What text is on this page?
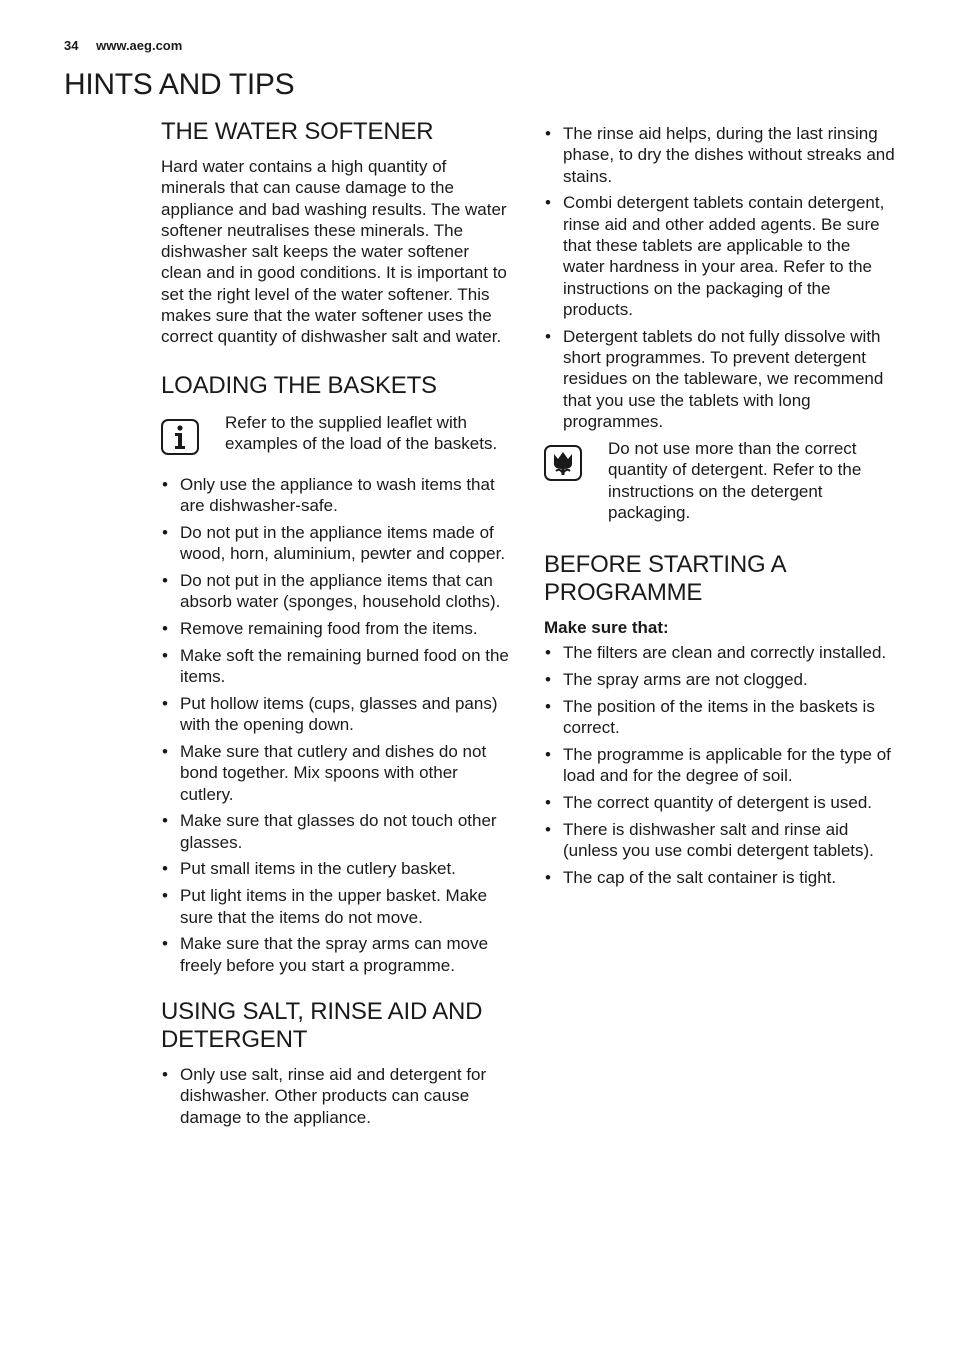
34 www.aeg.com
HINTS AND TIPS
THE WATER SOFTENER

Hard water contains a high quantity of minerals that can cause damage to the appliance and bad washing results. The water softener neutralises these minerals. The dishwasher salt keeps the water softener clean and in good conditions. It is important to set the right level of the water softener. This makes sure that the water softener uses the correct quantity of dishwasher salt and water.

LOADING THE BASKETS

Refer to the supplied leaflet with examples of the load of the baskets.

• Only use the appliance to wash items that are dishwasher-safe.
• Do not put in the appliance items made of wood, horn, aluminium, pewter and copper.
• Do not put in the appliance items that can absorb water (sponges, household cloths).
• Remove remaining food from the items.
• Make soft the remaining burned food on the items.
• Put hollow items (cups, glasses and pans) with the opening down.
• Make sure that cutlery and dishes do not bond together. Mix spoons with other cutlery.
• Make sure that glasses do not touch other glasses.
• Put small items in the cutlery basket.
• Put light items in the upper basket. Make sure that the items do not move.
• Make sure that the spray arms can move freely before you start a programme.
USING SALT, RINSE AID AND DETERGENT
• Only use salt, rinse aid and detergent for dishwasher. Other products can cause damage to the appliance.
• The rinse aid helps, during the last rinsing phase, to dry the dishes without streaks and stains.
• Combi detergent tablets contain detergent, rinse aid and other added agents. Be sure that these tablets are applicable to the water hardness in your area. Refer to the instructions on the packaging of the products.
• Detergent tablets do not fully dissolve with short programmes. To prevent detergent residues on the tableware, we recommend that you use the tablets with long programmes.

Do not use more than the correct quantity of detergent. Refer to the instructions on the detergent packaging.

BEFORE STARTING A PROGRAMME

Make sure that:

• The filters are clean and correctly installed.
• The spray arms are not clogged.
• The position of the items in the baskets is correct.
• The programme is applicable for the type of load and for the degree of soil.
• The correct quantity of detergent is used.
• There is dishwasher salt and rinse aid (unless you use combi detergent tablets).
• The cap of the salt container is tight.
